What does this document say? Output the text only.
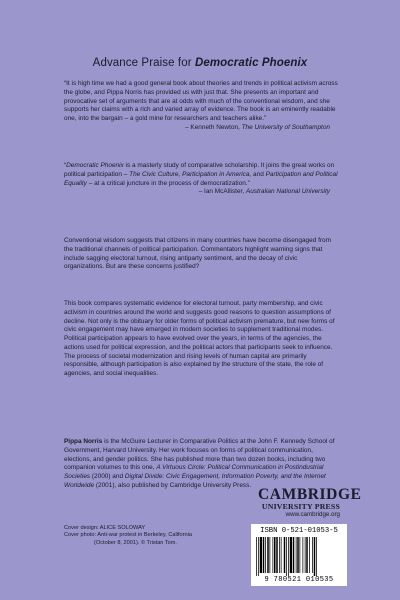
Advance Praise for Democratic Phoenix

“It is high time we had a good general book about theories and trends in political activism across the globe, and Pippa Norris has provided us with just that. She presents an important and provocative set of arguments that are at odds with much of the conventional wisdom, and she supports her claims with a rich and varied array of evidence. The book is an eminently readable one, into the bargain – a gold mine for researchers and teachers alike.”
– Kenneth Newton, The University of Southampton

“Democratic Phoenix is a masterly study of comparative scholarship. It joins the great works on political participation – The Civic Culture, Participation in America, and Participation and Political Equality – at a critical juncture in the process of democratization.”
– Ian McAllister, Australian National University

Conventional wisdom suggests that citizens in many countries have become disengaged from the traditional channels of political participation. Commentators highlight warning signs that include sagging electoral turnout, rising antiparty sentiment, and the decay of civic organizations. But are these concerns justified?

This book compares systematic evidence for electoral turnout, party membership, and civic activism in countries around the world and suggests good reasons to question assumptions of decline. Not only is the obituary for older forms of political activism premature, but new forms of civic engagement may have emerged in modern societies to supplement traditional modes. Political participation appears to have evolved over the years, in terms of the agencies, the actions used for political expression, and the political actors that participants seek to influence. The process of societal modernization and rising levels of human capital are primarily responsible, although participation is also explained by the structure of the state, the role of agencies, and social inequalities.

Pippa Norris is the McGuire Lecturer in Comparative Politics at the John F. Kennedy School of Government, Harvard University. Her work focuses on forms of political communication, elections, and gender politics. She has published more than two dozen books, including two companion volumes to this one, A Virtuous Circle: Political Communication in Postindustrial Societies (2000) and Digital Divide: Civic Engagement, Information Poverty, and the Internet Worldwide (2001), also published by Cambridge University Press.

Cover design: ALICE SOLOWAY
Cover photo: Anti-war protest in Berkeley, California
(October 8, 2001). © Tristan Tom.
CAMBRIDGE
UNIVERSITY PRESS
www.cambridge.org
ISBN 0-521-01053-5
9 780521 010535
